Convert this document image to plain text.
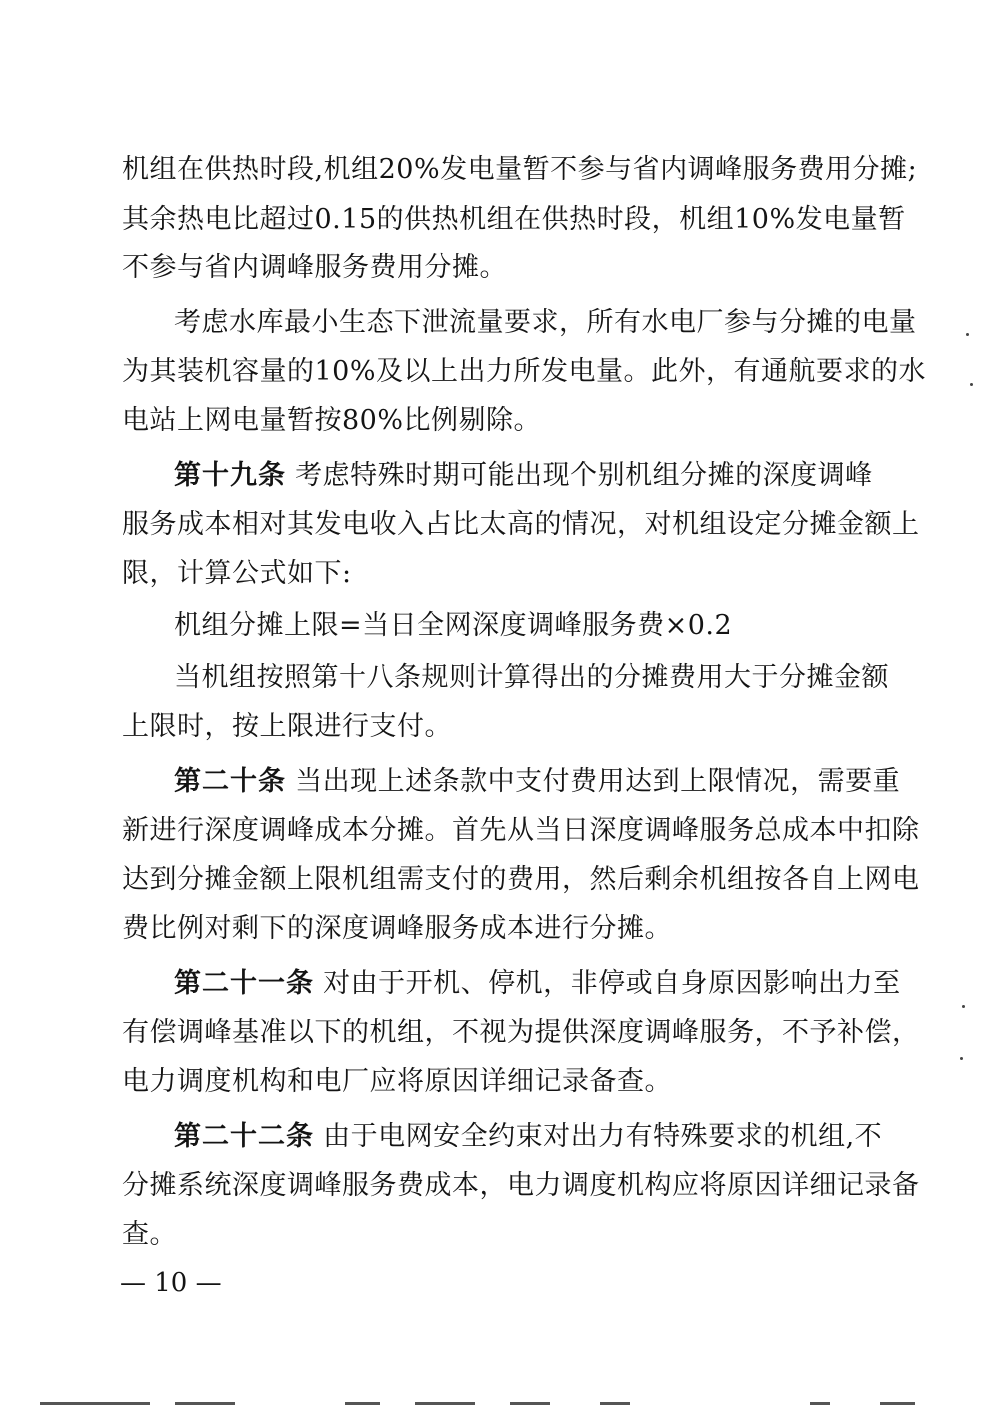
机组在供热时段,机组20%发电量暂不参与省内调峰服务费用分摊;
其余热电比超过0.15的供热机组在供热时段，机组10%发电量暂
不参与省内调峰服务费用分摊。
考虑水库最小生态下泄流量要求，所有水电厂参与分摊的电量
为其装机容量的10%及以上出力所发电量。此外，有通航要求的水
电站上网电量暂按80%比例剔除。
第十九条 考虑特殊时期可能出现个别机组分摊的深度调峰
服务成本相对其发电收入占比太高的情况，对机组设定分摊金额上
限，计算公式如下:
机组分摊上限=当日全网深度调峰服务费×0.2
当机组按照第十八条规则计算得出的分摊费用大于分摊金额
上限时，按上限进行支付。
第二十条 当出现上述条款中支付费用达到上限情况，需要重
新进行深度调峰成本分摊。首先从当日深度调峰服务总成本中扣除
达到分摊金额上限机组需支付的费用，然后剩余机组按各自上网电
费比例对剩下的深度调峰服务成本进行分摊。
第二十一条 对由于开机、停机，非停或自身原因影响出力至
有偿调峰基准以下的机组，不视为提供深度调峰服务，不予补偿，
电力调度机构和电厂应将原因详细记录备查。
第二十二条 由于电网安全约束对出力有特殊要求的机组,不
分摊系统深度调峰服务费成本，电力调度机构应将原因详细记录备
查。
— 10 —
